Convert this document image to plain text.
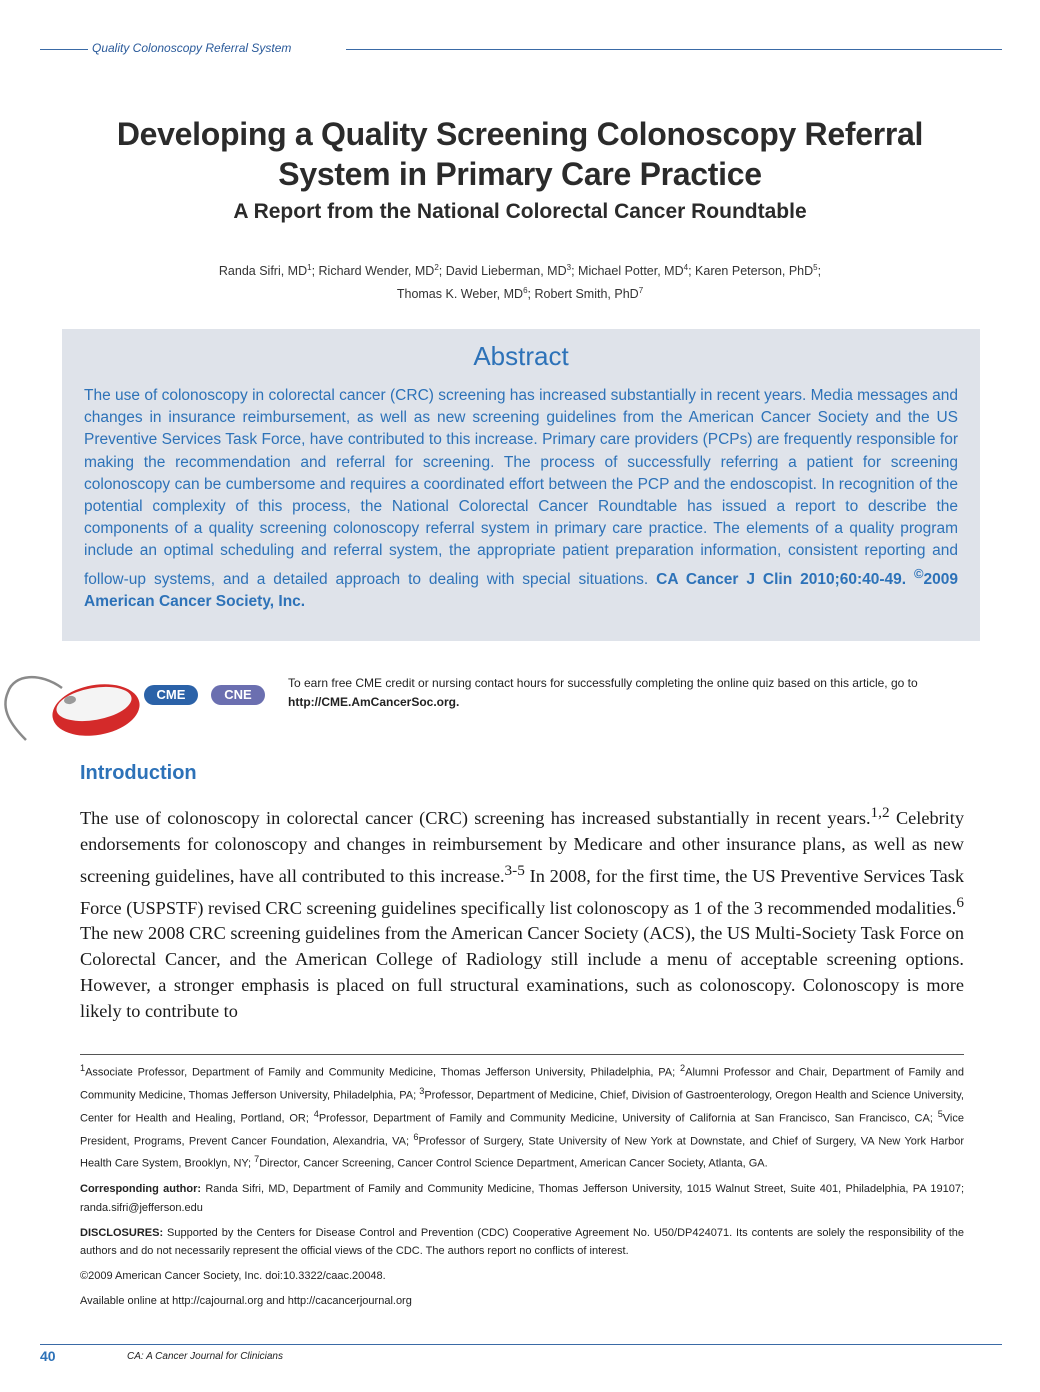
Quality Colonoscopy Referral System
Developing a Quality Screening Colonoscopy Referral
System in Primary Care Practice
A Report from the National Colorectal Cancer Roundtable
Randa Sifri, $MD^1$; Richard Wender, $MD^2$; David Lieberman, $MD^3$; Michael Potter, $MD^4$; Karen Peterson, PhD$^5$;
Thomas K. Weber, $MD^6$; Robert Smith, PhD$^7$
Abstract
The use of colonoscopy in colorectal cancer (CRC) screening has increased substantially in recent years. Media messages and changes in insurance reimbursement, as well as new screening guidelines from the American Cancer Society and the US Preventive Services Task Force, have contributed to this increase. Primary care providers (PCPs) are frequently responsible for making the recommendation and referral for screening. The process of successfully referring a patient for screening colonoscopy can be cumbersome and requires a coordinated effort between the PCP and the endoscopist. In recognition of the potential complexity of this process, the National Colorectal Cancer Roundtable has issued a report to describe the components of a quality screening colonoscopy referral system in primary care practice. The elements of a quality program include an optimal scheduling and referral system, the appropriate patient preparation information, consistent reporting and follow-up systems, and a detailed approach to dealing with special situations. CA Cancer J Clin 2010;60:40-49. ©2009 American Cancer Society, Inc.
CME	CNE
To earn free CME credit or nursing contact hours for successfully completing the online quiz based on this article, go to http://CME.AmCancerSoc.org.
Introduction
The use of colonoscopy in colorectal cancer (CRC) screening has increased substantially in recent years.$^{1,2}$ Celebrity endorsements for colonoscopy and changes in reimbursement by Medicare and other insurance plans, as well as new screening guidelines, have all contributed to this increase.$^{3-5}$ In 2008, for the first time, the US Preventive Services Task Force (USPSTF) revised CRC screening guidelines specifically list colonoscopy as 1 of the 3 recommended modalities.$^6$ The new 2008 CRC screening guidelines from the American Cancer Society (ACS), the US Multi-Society Task Force on Colorectal Cancer, and the American College of Radiology still include a menu of acceptable screening options. However, a stronger emphasis is placed on full structural examinations, such as colonoscopy. Colonoscopy is more likely to contribute to

$^1$Associate Professor, Department of Family and Community Medicine, Thomas Jefferson University, Philadelphia, PA; $^2$Alumni Professor and Chair, Department of Family and Community Medicine, Thomas Jefferson University, Philadelphia, PA; $^3$Professor, Department of Medicine, Chief, Division of Gastroenterology, Oregon Health and Science University, Center for Health and Healing, Portland, OR; $^4$Professor, Department of Family and Community Medicine, University of California at San Francisco, San Francisco, CA; $^5$Vice President, Programs, Prevent Cancer Foundation, Alexandria, VA; $^6$Professor of Surgery, State University of New York at Downstate, and Chief of Surgery, VA New York Harbor Health Care System, Brooklyn, NY; $^7$Director, Cancer Screening, Cancer Control Science Department, American Cancer Society, Atlanta, GA.

Corresponding author: Randa Sifri, MD, Department of Family and Community Medicine, Thomas Jefferson University, 1015 Walnut Street, Suite 401, Philadelphia, PA 19107; randa.sifri@jefferson.edu

DISCLOSURES: Supported by the Centers for Disease Control and Prevention (CDC) Cooperative Agreement No. U50/DP424071. Its contents are solely the responsibility of the authors and do not necessarily represent the official views of the CDC. The authors report no conflicts of interest.

©2009 American Cancer Society, Inc. doi:10.3322/caac.20048.

Available online at http://cajournal.org and http://cacancerjournal.org

40	CA: A Cancer Journal for Clinicians
